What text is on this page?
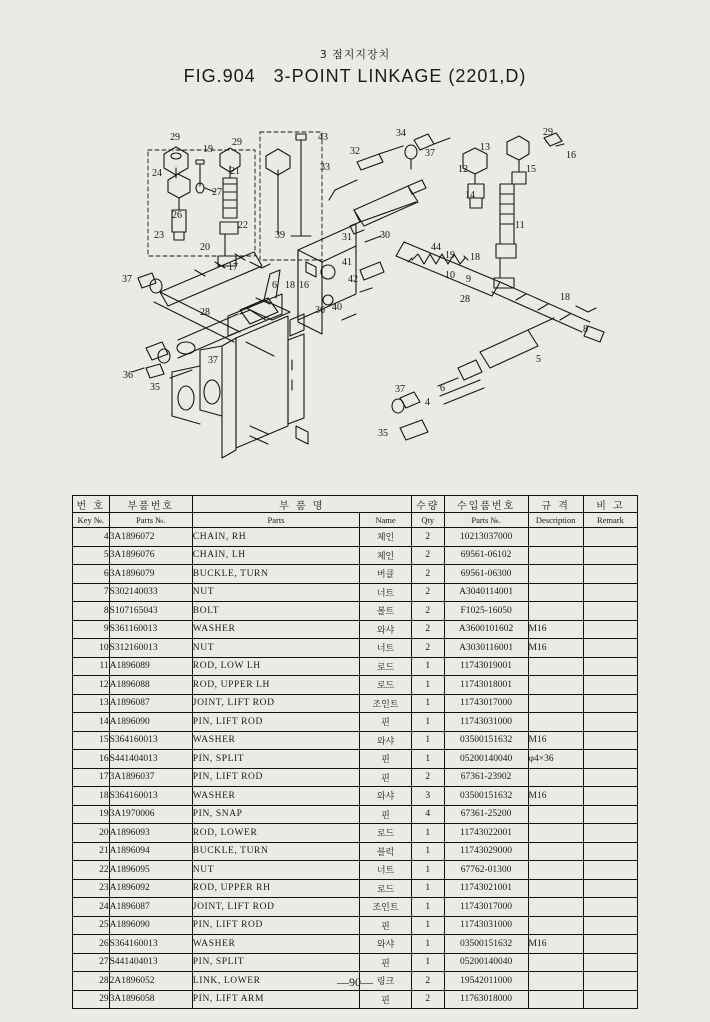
3 점지지장치
FIG.904 3-POINT LINKAGE (2201,D)
29
19
24
27
26
23
29
21
20
22
43
39
17
28
37
36
35
37
18
6 16
33
32
31	30
41
42
40
36
34
37
44
13
12
14
29
16
15
11
19 18
10 9
28	18
8
5
4
37
35
6
번 호	부품번호	부 품 명		수량	수입품번호	규 격	비 고
Key №.	Parts №.	Parts	Name	Qty	Parts №.	Description	Remark
4	3A1896072	CHAIN, RH	체인	2	10213037000		
5	3A1896076	CHAIN, LH	체인	2	69561-06102		
6	3A1896079	BUCKLE, TURN	버클	2	69561-06300		
7	S302140033	NUT	너트	2	A3040114001		
8	S107165043	BOLT	볼트	2	F1025-16050		
9	S361160013	WASHER	와샤	2	A3600101602	M16	
10	S312160013	NUT	너트	2	A3030116001	M16	
11	A1896089	ROD, LOW LH	로드	1	11743019001		
12	A1896088	ROD, UPPER LH	로드	1	11743018001		
13	A1896087	JOINT, LIFT ROD	조인트	1	11743017000		
14	A1896090	PIN, LIFT ROD	핀	1	11743031000		
15	S364160013	WASHER	와샤	1	03500151632	M16	
16	S441404013	PIN, SPLIT	핀	1	05200140040	φ4×36	
17	3A1896037	PIN, LIFT ROD	핀	2	67361-23902		
18	S364160013	WASHER	와샤	3	03500151632	M16	
19	3A1970006	PIN, SNAP	핀	4	67361-25200		
20	A1896093	ROD, LOWER	로드	1	11743022001		
21	A1896094	BUCKLE, TURN	블럭	1	11743029000		
22	A1896095	NUT	너트	1	67762-01300		
23	A1896092	ROD, UPPER RH	로드	1	11743021001		
24	A1896087	JOINT, LIFT ROD	조인트	1	11743017000		
25	A1896090	PIN, LIFT ROD	핀	1	11743031000		
26	S364160013	WASHER	와샤	1	03500151632	M16	
27	S441404013	PIN, SPLIT	핀	1	05200140040		
28	2A1896052	LINK, LOWER	링크	2	19542011000		
29	3A1896058	PIN, LIFT ARM	핀	2	11763018000		
—90—
